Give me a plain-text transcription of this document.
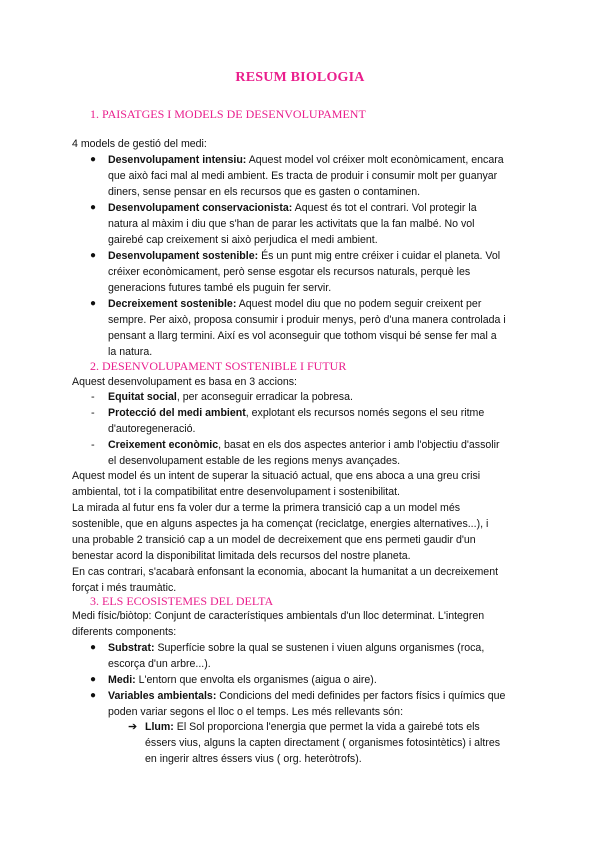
RESUM BIOLOGIA
1. PAISATGES I MODELS DE DESENVOLUPAMENT
4 models de gestió del medi:
● Desenvolupament intensiu: Aquest model vol créixer molt econòmicament, encara
que això faci mal al medi ambient. Es tracta de produir i consumir molt per guanyar
diners, sense pensar en els recursos que es gasten o contaminen.
● Desenvolupament conservacionista: Aquest és tot el contrari. Vol protegir la
natura al màxim i diu que s'han de parar les activitats que la fan malbé. No vol
gairebé cap creixement si això perjudica el medi ambient.
● Desenvolupament sostenible: És un punt mig entre créixer i cuidar el planeta. Vol
créixer econòmicament, però sense esgotar els recursos naturals, perquè les
generacions futures també els puguin fer servir.
● Decreixement sostenible: Aquest model diu que no podem seguir creixent per
sempre. Per això, proposa consumir i produir menys, però d'una manera controlada i
pensant a llarg termini. Així es vol aconseguir que tothom visqui bé sense fer mal a
la natura.
2. DESENVOLUPAMENT SOSTENIBLE I FUTUR
Aquest desenvolupament es basa en 3 accions:
- Equitat social, per aconseguir erradicar la pobresa.
- Protecció del medi ambient, explotant els recursos només segons el seu ritme
d'autoregeneració.
- Creixement econòmic, basat en els dos aspectes anterior i amb l'objectiu d'assolir
el desenvolupament estable de les regions menys avançades.
Aquest model és un intent de superar la situació actual, que ens aboca a una greu crisi
ambiental, tot i la compatibilitat entre desenvolupament i sostenibilitat.
La mirada al futur ens fa voler dur a terme la primera transició cap a un model més
sostenible, que en alguns aspectes ja ha començat (reciclatge, energies alternatives...), i
una probable 2 transició cap a un model de decreixement que ens permeti gaudir d'un
benestar acord la disponibilitat limitada dels recursos del nostre planeta.
En cas contrari, s'acabarà enfonsant la economia, abocant la humanitat a un decreixement
forçat i més traumàtic.
3. ELS ECOSISTEMES DEL DELTA
Medi físic/biòtop: Conjunt de característiques ambientals d'un lloc determinat. L'integren
diferents components:
● Substrat: Superfície sobre la qual se sustenen i viuen alguns organismes (roca,
escorça d'un arbre...).
● Medi: L'entorn que envolta els organismes (aigua o aire).
● Variables ambientals: Condicions del medi definides per factors físics i químics que
poden variar segons el lloc o el temps. Les més rellevants són:
➔ Llum: El Sol proporciona l'energia que permet la vida a gairebé tots els
éssers vius, alguns la capten directament ( organismes fotosintètics) i altres
en ingerir altres éssers vius ( org. heteròtrofs).
